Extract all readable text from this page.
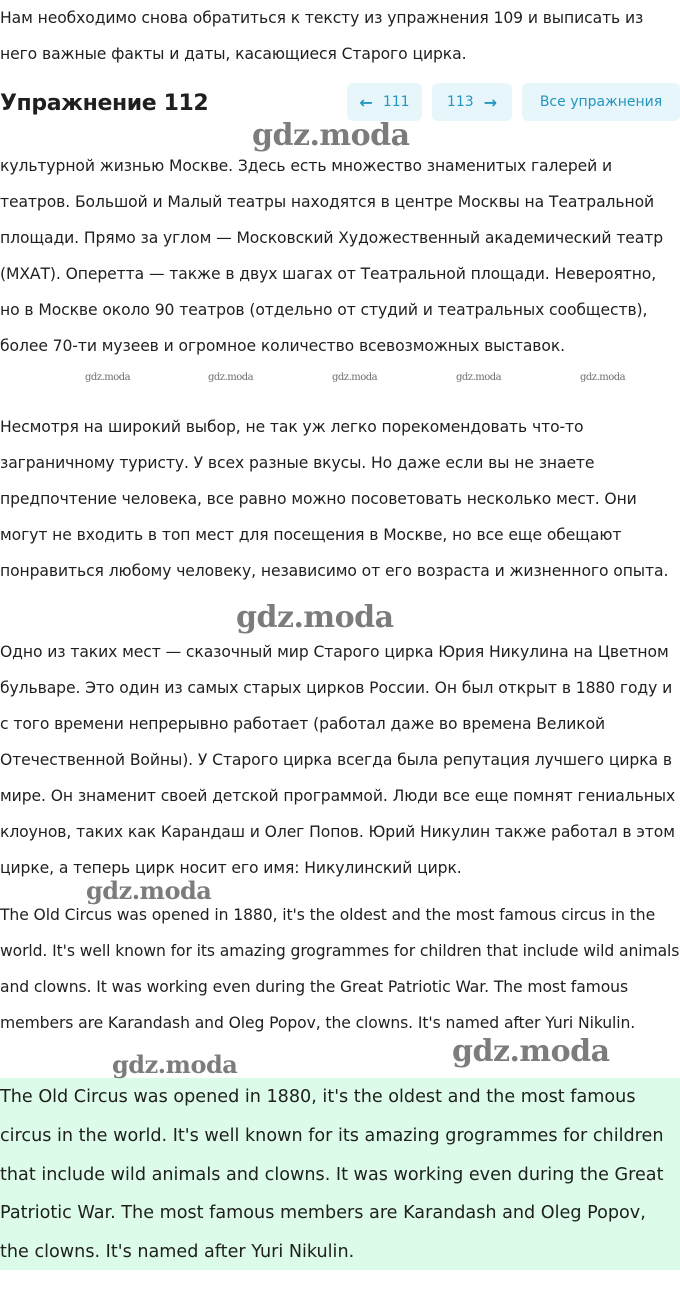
Нам необходимо снова обратиться к тексту из упражнения 109 и выписать из него важные факты и даты, касающиеся Старого цирка.

Упражнение 112	← 111	113 →	Все упражнения

культурной жизнью Москве. Здесь есть множество знаменитых галерей и театров. Большой и Малый театры находятся в центре Москвы на Театральной площади. Прямо за углом — Московский Художественный академический театр (МХАТ). Оперетта — также в двух шагах от Театральной площади. Невероятно, но в Москве около 90 театров (отдельно от студий и театральных сообществ), более 70-ти музеев и огромное количество всевозможных выставок.

Несмотря на широкий выбор, не так уж легко порекомендовать что-то заграничному туристу. У всех разные вкусы. Но даже если вы не знаете предпочтение человека, все равно можно посоветовать несколько мест. Они могут не входить в топ мест для посещения в Москве, но все еще обещают понравиться любому человеку, независимо от его возраста и жизненного опыта.

Одно из таких мест — сказочный мир Старого цирка Юрия Никулина на Цветном бульваре. Это один из самых старых цирков России. Он был открыт в 1880 году и с того времени непрерывно работает (работал даже во времена Великой Отечественной Войны). У Старого цирка всегда была репутация лучшего цирка в мире. Он знаменит своей детской программой. Люди все еще помнят гениальных клоунов, таких как Карандаш и Олег Попов. Юрий Никулин также работал в этом цирке, а теперь цирк носит его имя: Никулинский цирк.

The Old Circus was opened in 1880, it's the oldest and the most famous circus in the world. It's well known for its amazing grogrammes for children that include wild animals and clowns. It was working even during the Great Patriotic War. The most famous members are Karandash and Oleg Popov, the clowns. It's named after Yuri Nikulin.

The Old Circus was opened in 1880, it's the oldest and the most famous circus in the world. It's well known for its amazing grogrammes for children that include wild animals and clowns. It was working even during the Great Patriotic War. The most famous members are Karandash and Oleg Popov, the clowns. It's named after Yuri Nikulin.

gdz.moda
gdz.moda	gdz.moda	gdz.moda	gdz.moda	gdz.moda
gdz.moda
gdz.moda
gdz.moda	gdz.moda
